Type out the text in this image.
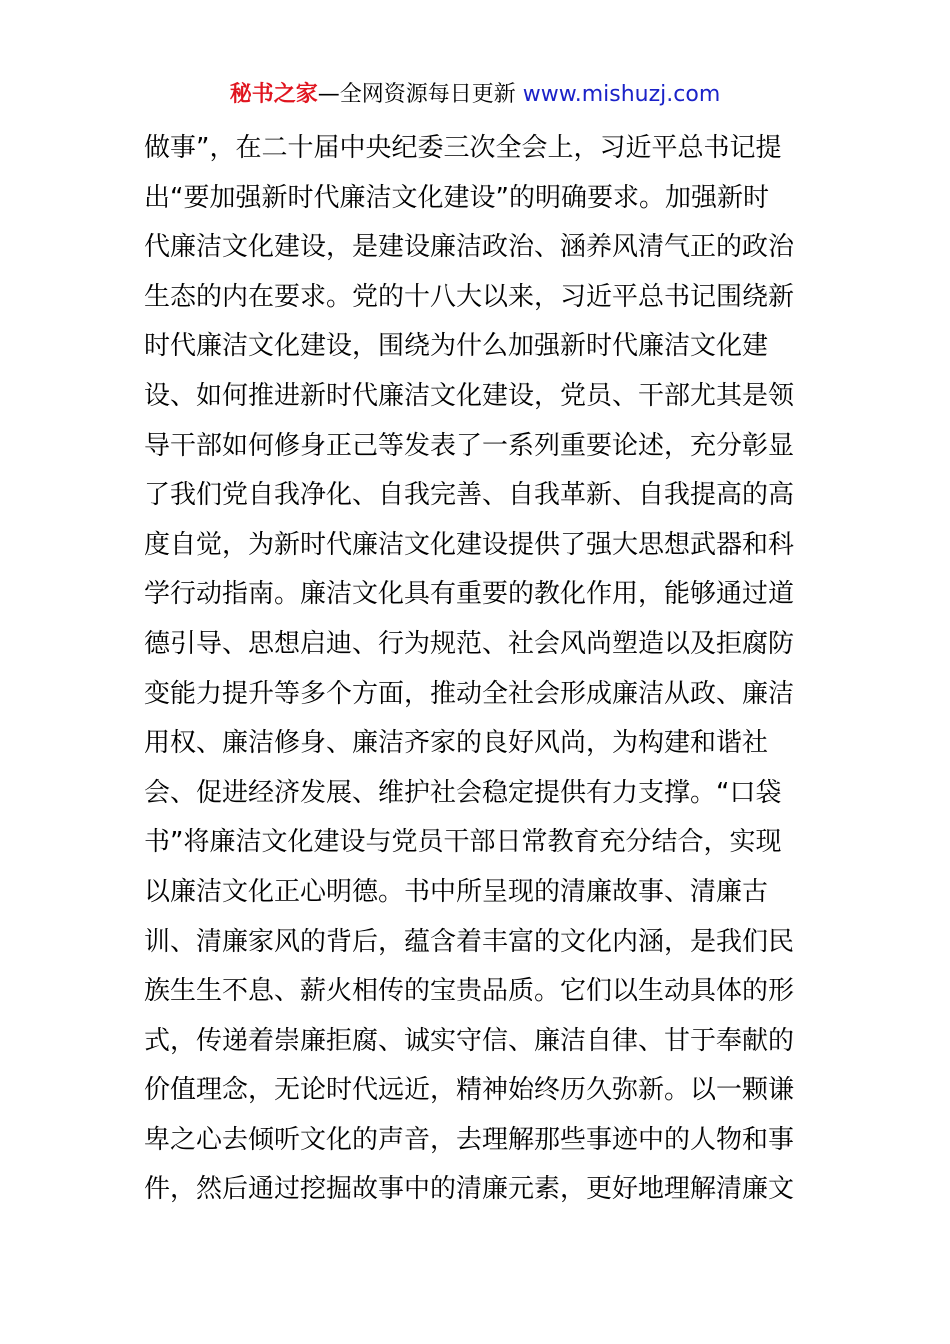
秘书之家—全网资源每日更新 www.mishuzj.com
做事”，在二十届中央纪委三次全会上，习近平总书记提
出“要加强新时代廉洁文化建设”的明确要求。加强新时
代廉洁文化建设，是建设廉洁政治、涵养风清气正的政治
生态的内在要求。党的十八大以来，习近平总书记围绕新
时代廉洁文化建设，围绕为什么加强新时代廉洁文化建
设、如何推进新时代廉洁文化建设，党员、干部尤其是领
导干部如何修身正己等发表了一系列重要论述，充分彰显
了我们党自我净化、自我完善、自我革新、自我提高的高
度自觉，为新时代廉洁文化建设提供了强大思想武器和科
学行动指南。廉洁文化具有重要的教化作用，能够通过道
德引导、思想启迪、行为规范、社会风尚塑造以及拒腐防
变能力提升等多个方面，推动全社会形成廉洁从政、廉洁
用权、廉洁修身、廉洁齐家的良好风尚，为构建和谐社
会、促进经济发展、维护社会稳定提供有力支撑。“口袋
书”将廉洁文化建设与党员干部日常教育充分结合，实现
以廉洁文化正心明德。书中所呈现的清廉故事、清廉古
训、清廉家风的背后，蕴含着丰富的文化内涵，是我们民
族生生不息、薪火相传的宝贵品质。它们以生动具体的形
式，传递着崇廉拒腐、诚实守信、廉洁自律、甘于奉献的
价值理念，无论时代远近，精神始终历久弥新。以一颗谦
卑之心去倾听文化的声音，去理解那些事迹中的人物和事
件，然后通过挖掘故事中的清廉元素，更好地理解清廉文
